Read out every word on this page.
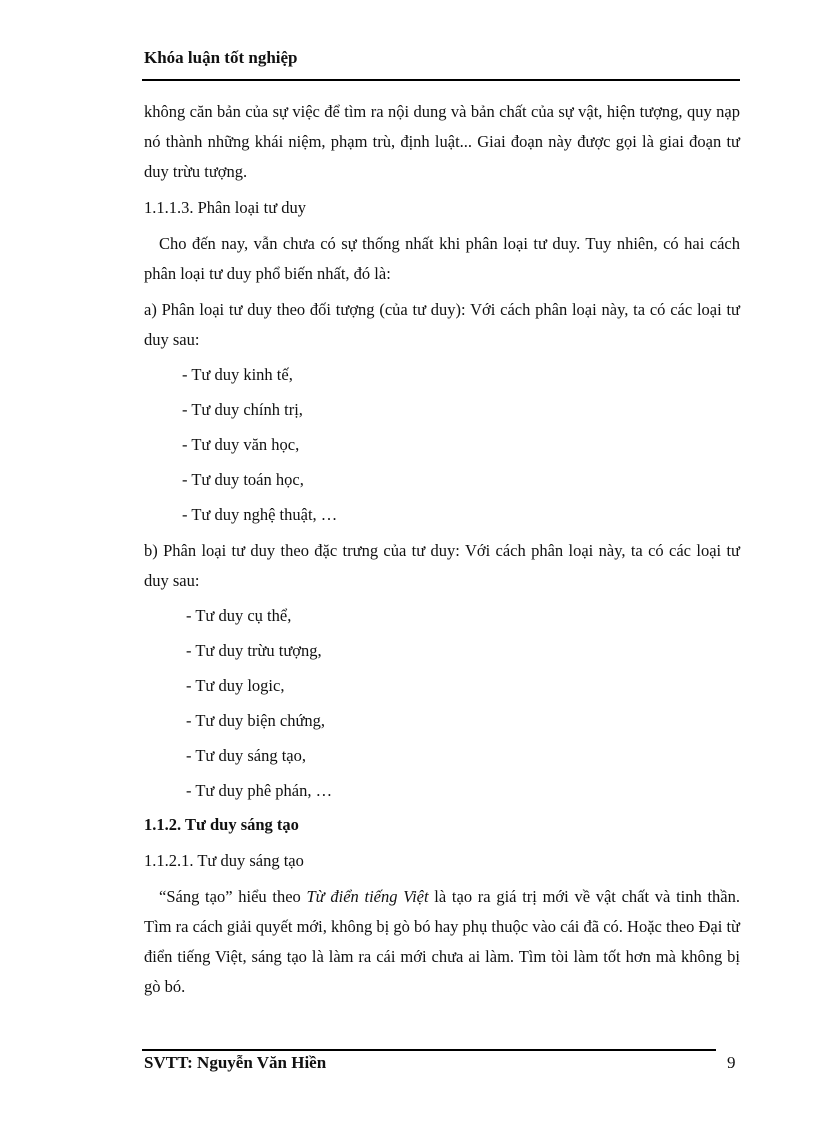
Khóa luận tốt nghiệp

không căn bản của sự việc để tìm ra nội dung và bản chất của sự vật, hiện tượng, quy nạp nó thành những khái niệm, phạm trù, định luật... Giai đoạn này được gọi là giai đoạn tư duy trừu tượng.

1.1.1.3. Phân loại tư duy

Cho đến nay, vẫn chưa có sự thống nhất khi phân loại tư duy. Tuy nhiên, có hai cách phân loại tư duy phổ biến nhất, đó là:

a) Phân loại tư duy theo đối tượng (của tư duy): Với cách phân loại này, ta có các loại tư duy sau:

- Tư duy kinh tế,

- Tư duy chính trị,

- Tư duy văn học,

- Tư duy toán học,

- Tư duy nghệ thuật, …

b) Phân loại tư duy theo đặc trưng của tư duy: Với cách phân loại này, ta có các loại tư duy sau:

- Tư duy cụ thể,

- Tư duy trừu tượng,

- Tư duy logic,

- Tư duy biện chứng,

- Tư duy sáng tạo,

- Tư duy phê phán, …

1.1.2. Tư duy sáng tạo

1.1.2.1. Tư duy sáng tạo

“Sáng tạo” hiểu theo Từ điển tiếng Việt là tạo ra giá trị mới về vật chất và tinh thần. Tìm ra cách giải quyết mới, không bị gò bó hay phụ thuộc vào cái đã có. Hoặc theo Đại từ điển tiếng Việt, sáng tạo là làm ra cái mới chưa ai làm. Tìm tòi làm tốt hơn mà không bị gò bó.

SVTT: Nguyễn Văn Hiền	9
